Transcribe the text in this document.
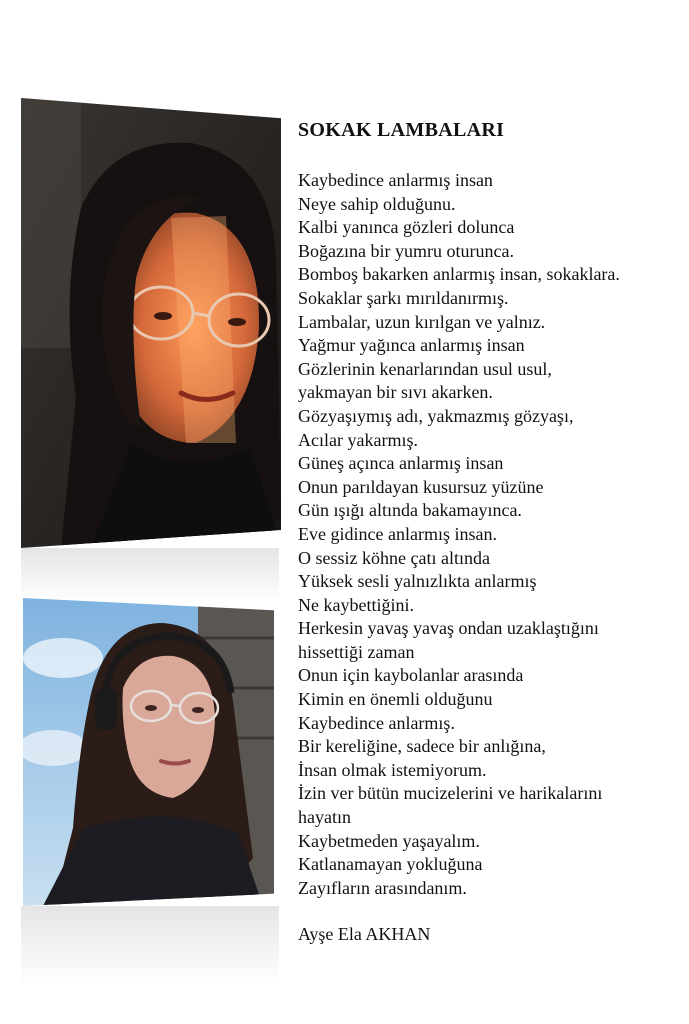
SOKAK LAMBALARI
Kaybedince anlarmış insan
Neye sahip olduğunu.
Kalbi yanınca gözleri dolunca
Boğazına bir yumru oturunca.
Bomboş bakarken anlarmış insan, sokaklara.
Sokaklar şarkı mırıldanırmış.
Lambalar, uzun kırılgan ve yalnız.
Yağmur yağınca anlarmış insan
Gözlerinin kenarlarından usul usul,
yakmayan bir sıvı akarken.
Gözyaşıymış adı, yakmazmış gözyaşı,
Acılar yakarmış.
Güneş açınca anlarmış insan
Onun parıldayan kusursuz yüzüne
Gün ışığı altında bakamayınca.
Eve gidince anlarmış insan.
O sessiz köhne çatı altında
Yüksek sesli yalnızlıkta anlarmış
Ne kaybettiğini.
Herkesin yavaş yavaş ondan uzaklaştığını
hissettiği zaman
Onun için kaybolanlar arasında
Kimin en önemli olduğunu
Kaybedince anlarmış.
Bir kereliğine, sadece bir anlığına,
İnsan olmak istemiyorum.
İzin ver bütün mucizelerini ve harikalarını
hayatın
Kaybetmeden yaşayalım.
Katlanamayan yokluğuna
Zayıfların arasındanım.
Ayşe Ela AKHAN
